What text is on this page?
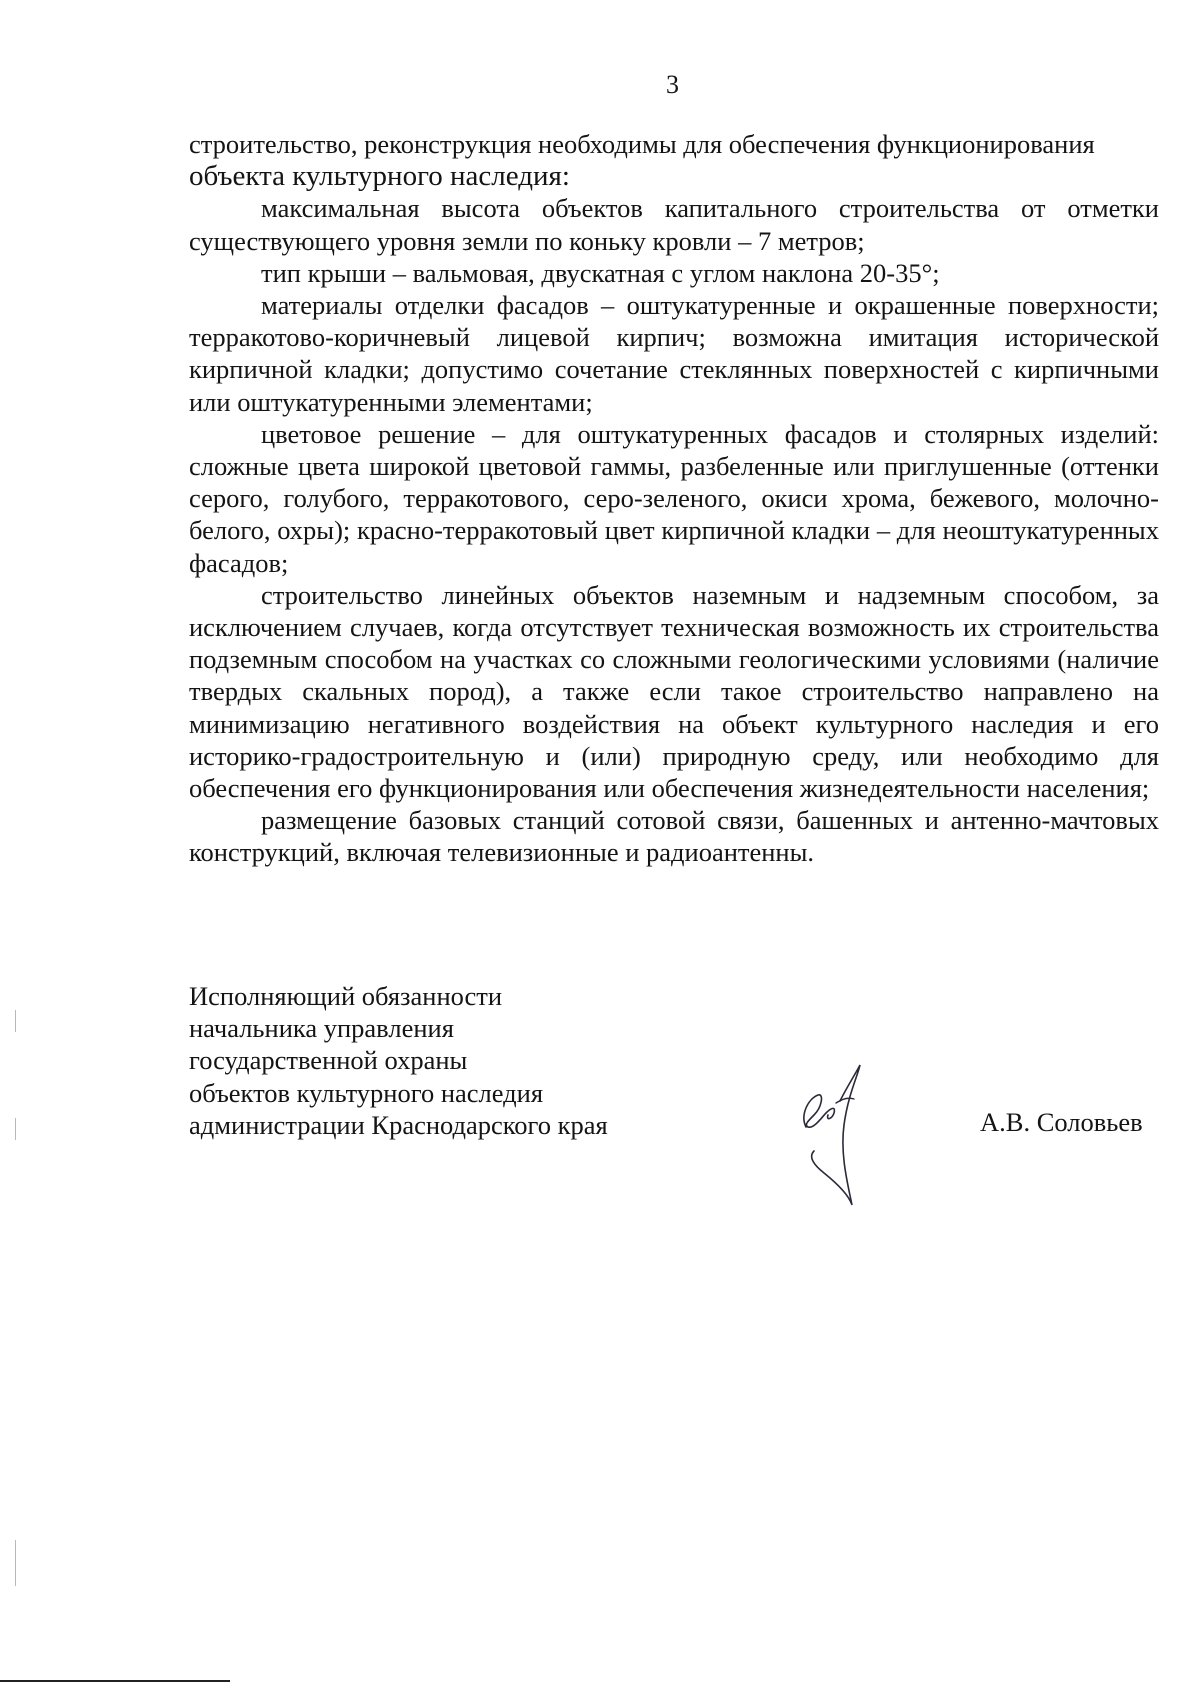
3

строительство, реконструкция необходимы для обеспечения функционирования

объекта культурного наследия:

максимальная высота объектов капитального строительства от отметки существующего уровня земли по коньку кровли – 7 метров;

тип крыши – вальмовая, двускатная с углом наклона 20-35°;

материалы отделки фасадов – оштукатуренные и окрашенные поверхности; терракотово-коричневый лицевой кирпич; возможна имитация исторической кирпичной кладки; допустимо сочетание стеклянных поверхностей с кирпичными или оштукатуренными элементами;

цветовое решение – для оштукатуренных фасадов и столярных изделий: сложные цвета широкой цветовой гаммы, разбеленные или приглушенные (оттенки серого, голубого, терракотового, серо-зеленого, окиси хрома, бежевого, молочно-белого, охры); красно-терракотовый цвет кирпичной кладки – для неоштукатуренных фасадов;

строительство линейных объектов наземным и надземным способом, за исключением случаев, когда отсутствует техническая возможность их строительства подземным способом на участках со сложными геологическими условиями (наличие твердых скальных пород), а также если такое строительство направлено на минимизацию негативного воздействия на объект культурного наследия и его историко-градостроительную и (или) природную среду, или необходимо для обеспечения его функционирования или обеспечения жизнедеятельности населения;

размещение базовых станций сотовой связи, башенных и антенно-мачтовых конструкций, включая телевизионные и радиоантенны.

Исполняющий обязанности
начальника управления
государственной охраны
объектов культурного наследия
администрации Краснодарского края	А.В. Соловьев
